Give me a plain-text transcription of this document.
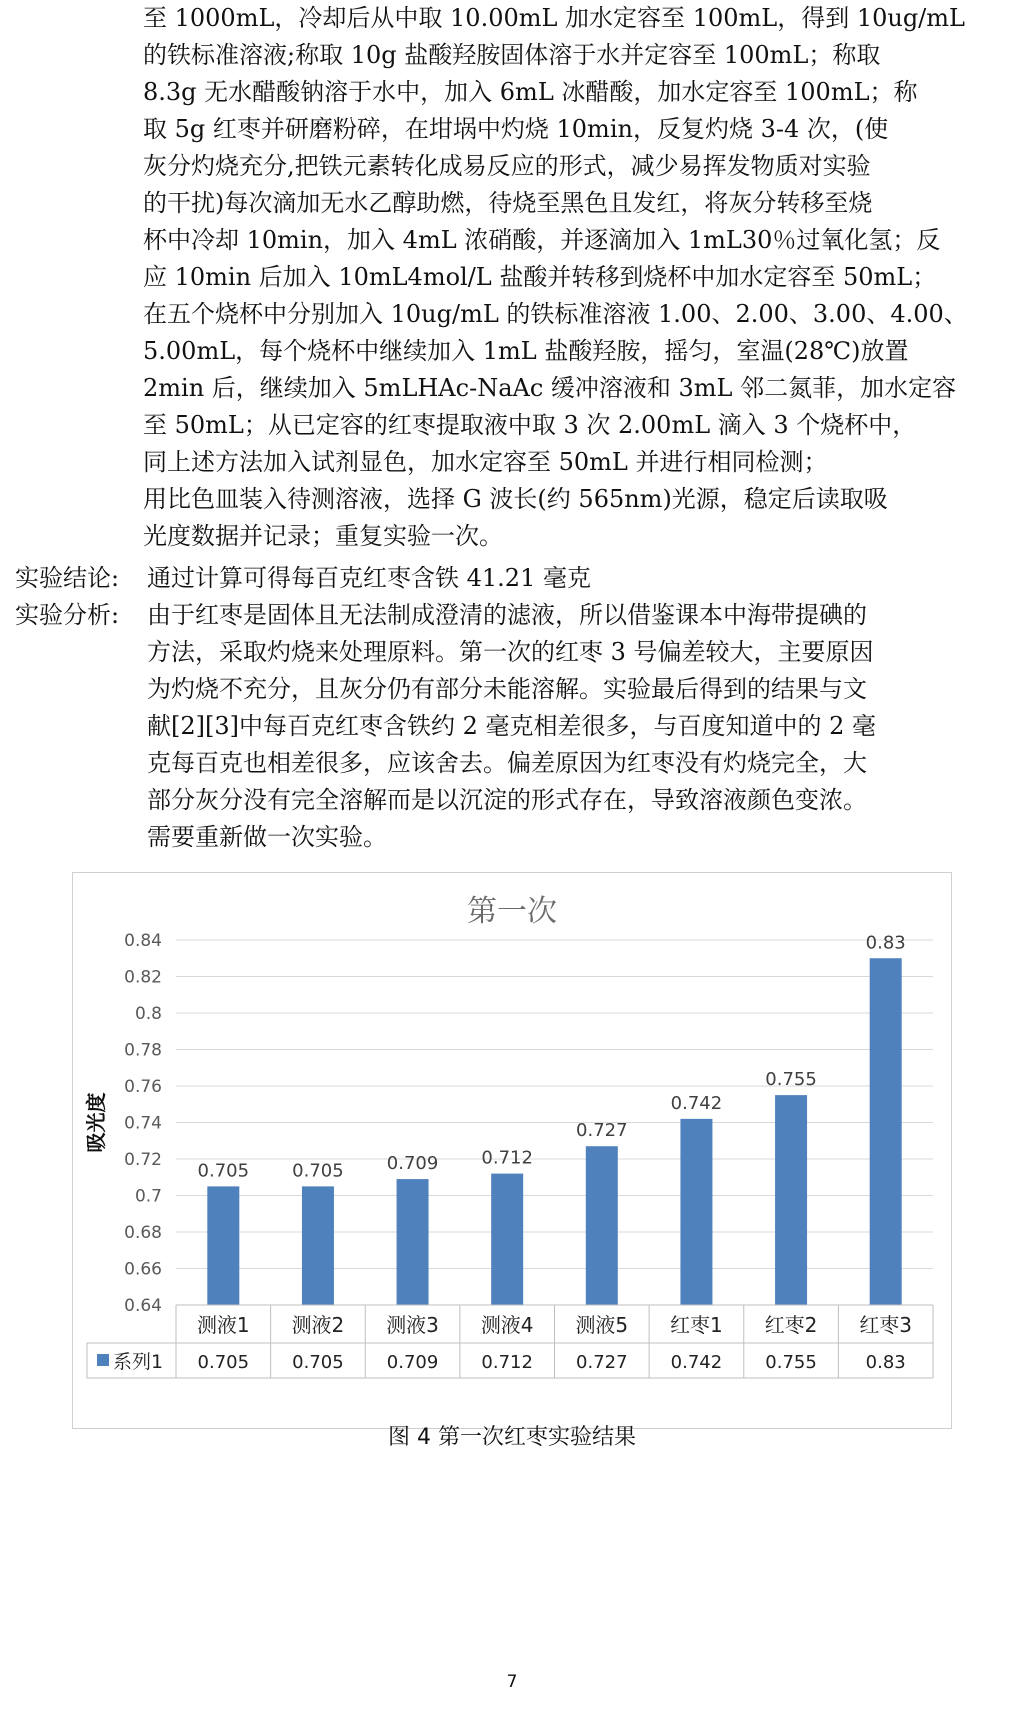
至 1000mL，冷却后从中取 10.00mL 加水定容至 100mL，得到 10ug/mL

的铁标准溶液;称取 10g 盐酸羟胺固体溶于水并定容至 100mL；称取

8.3g 无水醋酸钠溶于水中，加入 6mL 冰醋酸，加水定容至 100mL；称

取 5g 红枣并研磨粉碎，在坩埚中灼烧 10min，反复灼烧 3-4 次，(使

灰分灼烧充分,把铁元素转化成易反应的形式，减少易挥发物质对实验

的干扰)每次滴加无水乙醇助燃，待烧至黑色且发红，将灰分转移至烧

杯中冷却 10min，加入 4mL 浓硝酸，并逐滴加入 1mL30％过氧化氢；反

应 10min 后加入 10mL4mol/L 盐酸并转移到烧杯中加水定容至 50mL；

在五个烧杯中分别加入 10ug/mL 的铁标准溶液 1.00、2.00、3.00、4.00、

5.00mL，每个烧杯中继续加入 1mL 盐酸羟胺，摇匀，室温(28℃)放置

2min 后，继续加入 5mLHAc-NaAc 缓冲溶液和 3mL 邻二氮菲，加水定容

至 50mL；从已定容的红枣提取液中取 3 次 2.00mL 滴入 3 个烧杯中，

同上述方法加入试剂显色，加水定容至 50mL 并进行相同检测；

用比色皿装入待测溶液，选择 G 波长(约 565nm)光源，稳定后读取吸

光度数据并记录；重复实验一次。

实验结论: 通过计算可得每百克红枣含铁 41.21 毫克

实验分析: 由于红枣是固体且无法制成澄清的滤液，所以借鉴课本中海带提碘的

方法，采取灼烧来处理原料。第一次的红枣 3 号偏差较大，主要原因

为灼烧不充分，且灰分仍有部分未能溶解。实验最后得到的结果与文

献[2][3]中每百克红枣含铁约 2 毫克相差很多，与百度知道中的 2 毫

克每百克也相差很多，应该舍去。偏差原因为红枣没有灼烧完全，大

部分灰分没有完全溶解而是以沉淀的形式存在，导致溶液颜色变浓。

需要重新做一次实验。

第一次
0.64
0.66
0.68
0.7
0.72
0.74
0.76
0.78
0.8
0.82
0.84
吸光度
0.705 0.705 0.709 0.712
0.727
0.742
0.755
0.83
测液1
0.705
测液2
0.705
测液3
0.709
测液4
0.712
测液5
0.727
红枣1
0.742
红枣2
0.755
红枣3
0.83
系列1
图 4 第一次红枣实验结果
7
